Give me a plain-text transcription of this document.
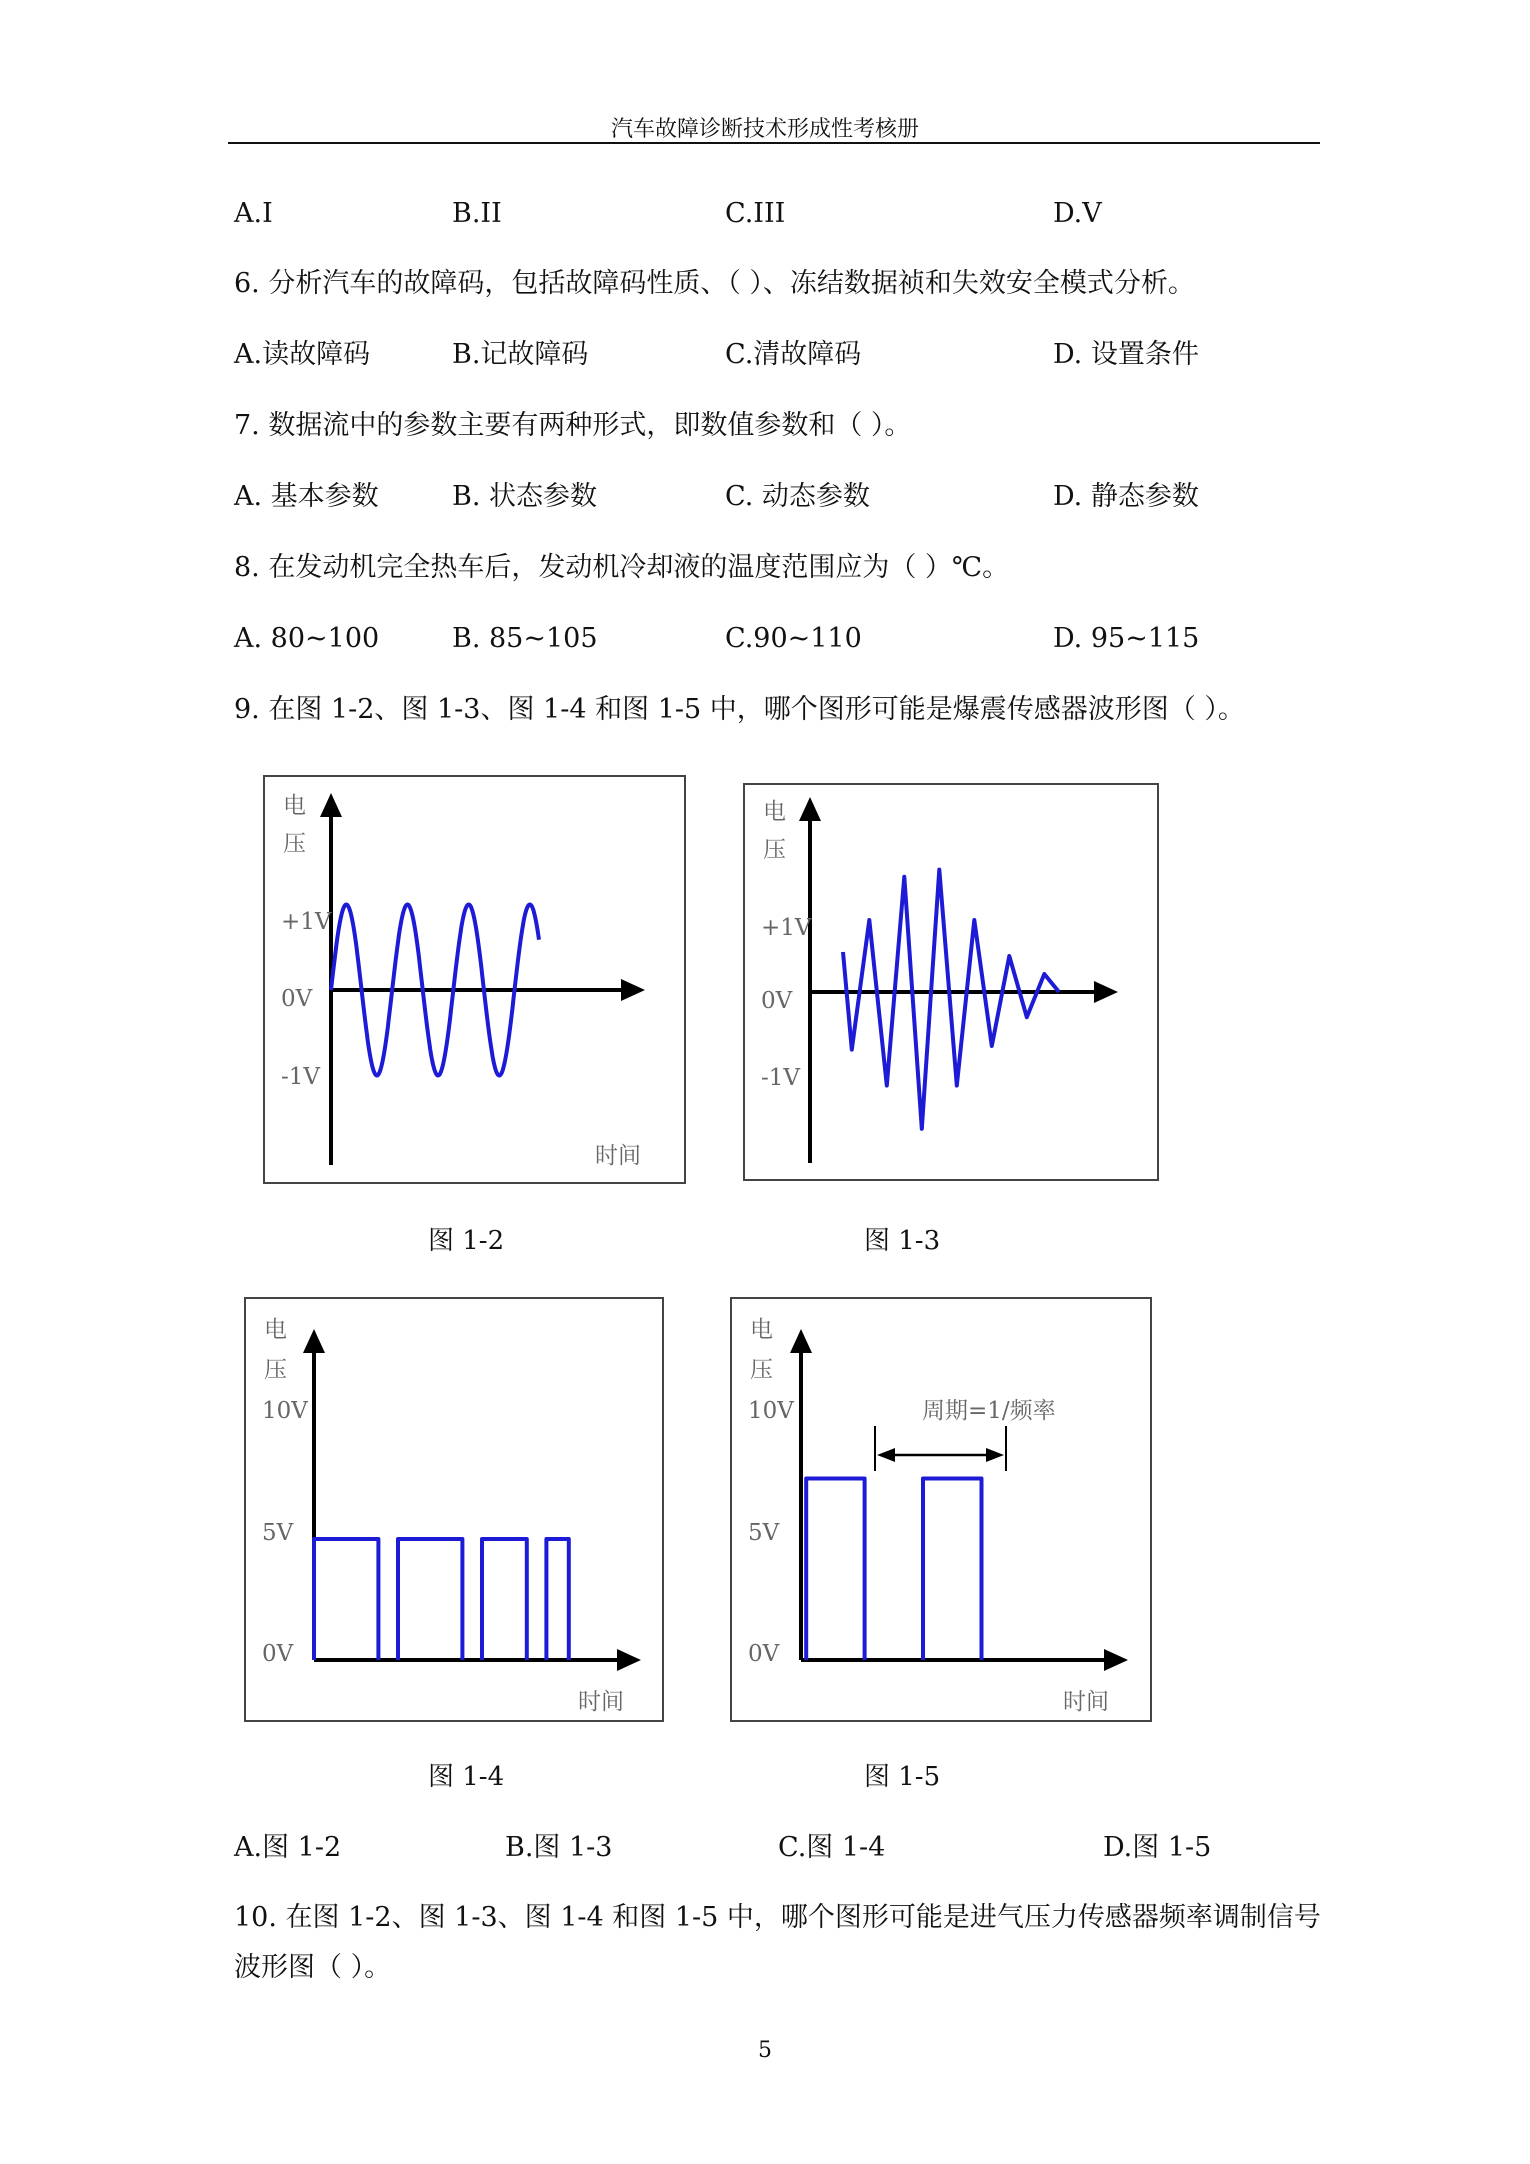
汽车故障诊断技术形成性考核册
A.I	B.II	C.III	D.V
6. 分析汽车的故障码，包括故障码性质、（ ）、冻结数据祯和失效安全模式分析。
A.读故障码	B.记故障码	C.清故障码	D. 设置条件
7. 数据流中的参数主要有两种形式，即数值参数和（ ）。
A. 基本参数	B. 状态参数	C. 动态参数	D. 静态参数
8. 在发动机完全热车后，发动机冷却液的温度范围应为（ ）℃。
A. 80~100	B. 85~105	C.90~110	D. 95~115
9. 在图 1-2、图 1-3、图 1-4 和图 1-5 中，哪个图形可能是爆震传感器波形图（ ）。
电
压
+1V
0V
-1V
时间
图 1-2
电
压
+1V
0V
-1V
图 1-3
电
压
10V
5V
0V
时间
图 1-4
电
压
10V
5V
0V
时间
周期=1/频率
图 1-5
A.图 1-2	B.图 1-3	C.图 1-4	D.图 1-5
10. 在图 1-2、图 1-3、图 1-4 和图 1-5 中，哪个图形可能是进气压力传感器频率调制信号
波形图（ ）。
5
